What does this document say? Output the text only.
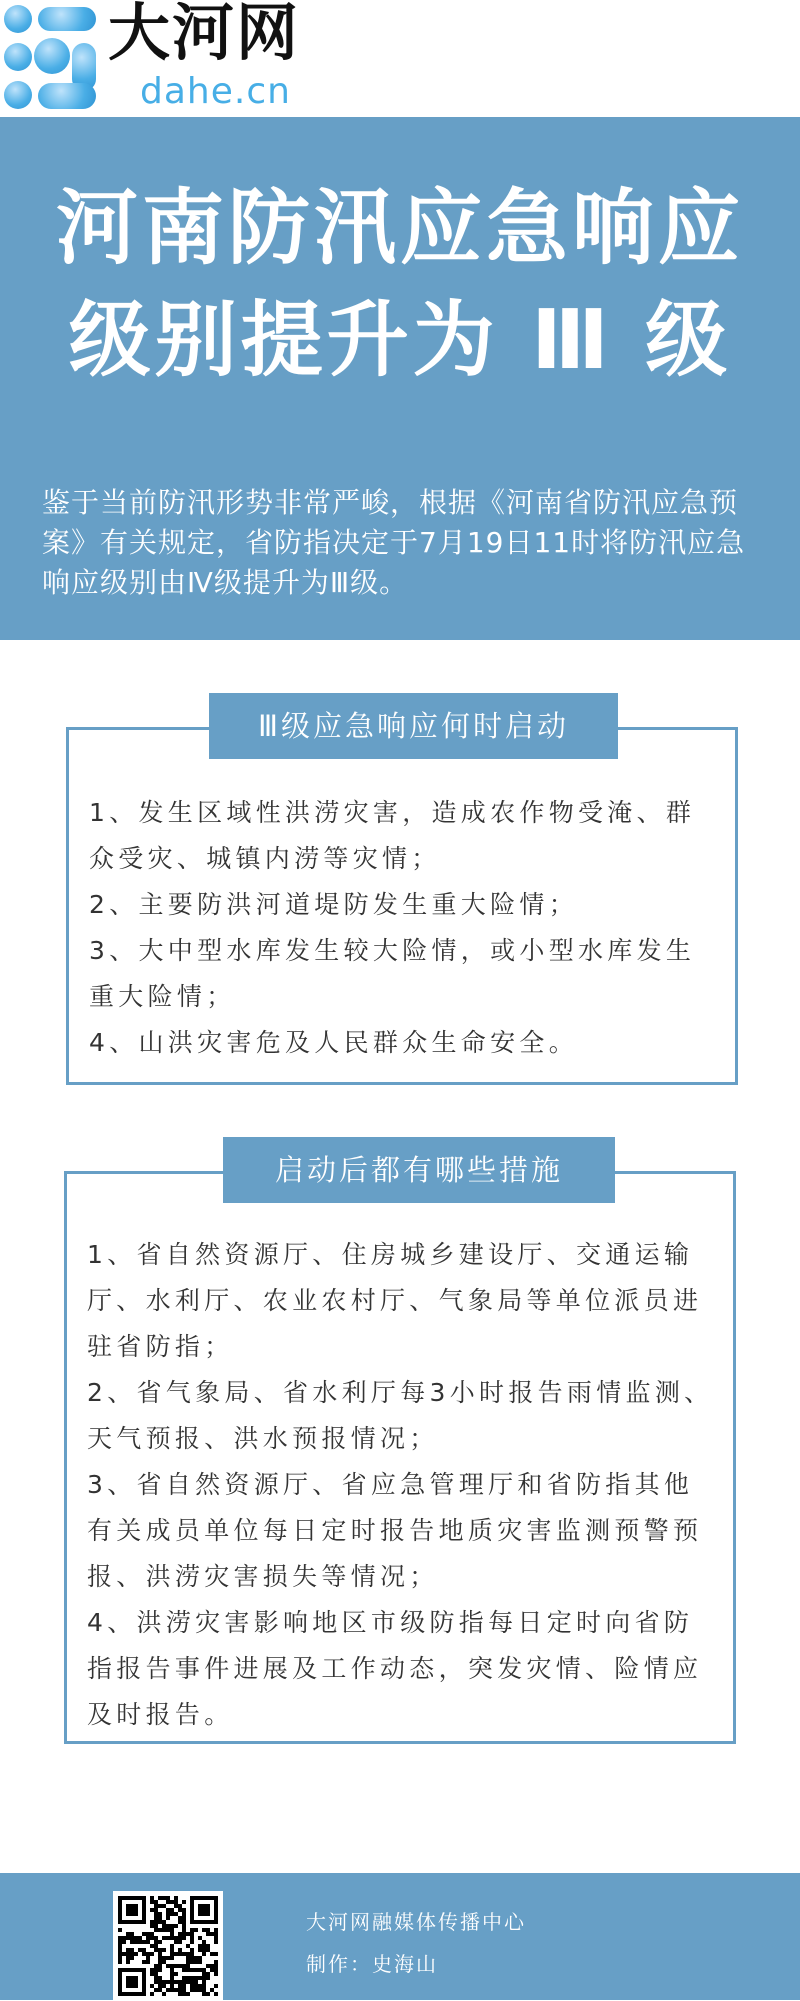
大河网
dahe.cn
河南防汛应急响应
级别提升为 Ⅲ 级
鉴于当前防汛形势非常严峻，根据《河南省防汛应急预案》有关规定，省防指决定于7月19日11时将防汛应急响应级别由Ⅳ级提升为Ⅲ级。
1、发生区域性洪涝灾害，造成农作物受淹、群众受灾、城镇内涝等灾情；
2、主要防洪河道堤防发生重大险情；
3、大中型水库发生较大险情，或小型水库发生重大险情；
4、山洪灾害危及人民群众生命安全。
Ⅲ级应急响应何时启动
1、省自然资源厅、住房城乡建设厅、交通运输厅、水利厅、农业农村厅、气象局等单位派员进驻省防指；
2、省气象局、省水利厅每3小时报告雨情监测、天气预报、洪水预报情况；
3、省自然资源厅、省应急管理厅和省防指其他有关成员单位每日定时报告地质灾害监测预警预报、洪涝灾害损失等情况；
4、洪涝灾害影响地区市级防指每日定时向省防指报告事件进展及工作动态，突发灾情、险情应及时报告。
启动后都有哪些措施
大河网融媒体传播中心
制作：史海山
